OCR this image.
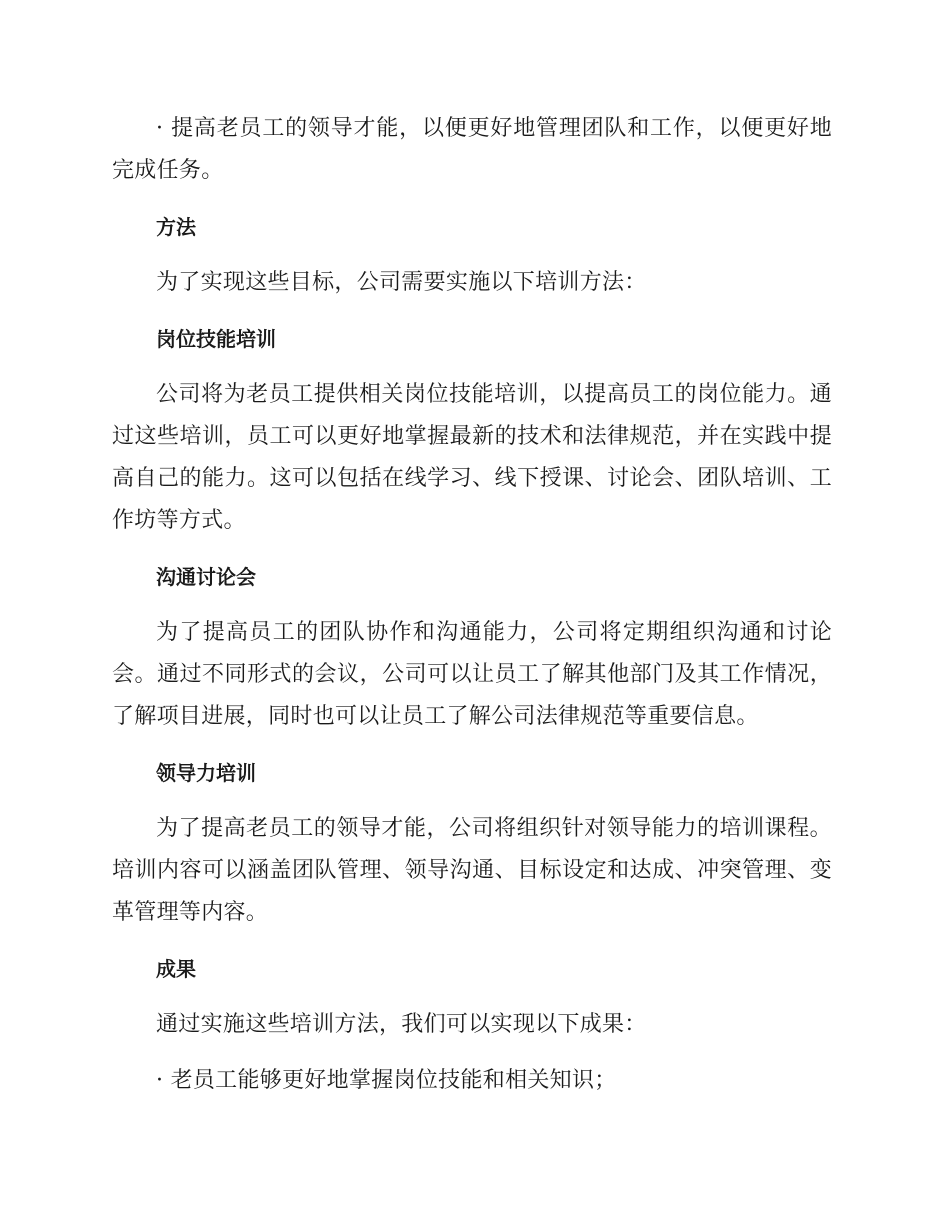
· 提高老员工的领导才能，以便更好地管理团队和工作，以便更好地完成任务。

方法

为了实现这些目标，公司需要实施以下培训方法：

岗位技能培训

公司将为老员工提供相关岗位技能培训，以提高员工的岗位能力。通过这些培训，员工可以更好地掌握最新的技术和法律规范，并在实践中提高自己的能力。这可以包括在线学习、线下授课、讨论会、团队培训、工作坊等方式。

沟通讨论会

为了提高员工的团队协作和沟通能力，公司将定期组织沟通和讨论会。通过不同形式的会议，公司可以让员工了解其他部门及其工作情况，了解项目进展，同时也可以让员工了解公司法律规范等重要信息。

领导力培训

为了提高老员工的领导才能，公司将组织针对领导能力的培训课程。培训内容可以涵盖团队管理、领导沟通、目标设定和达成、冲突管理、变革管理等内容。

成果

通过实施这些培训方法，我们可以实现以下成果：

· 老员工能够更好地掌握岗位技能和相关知识；
